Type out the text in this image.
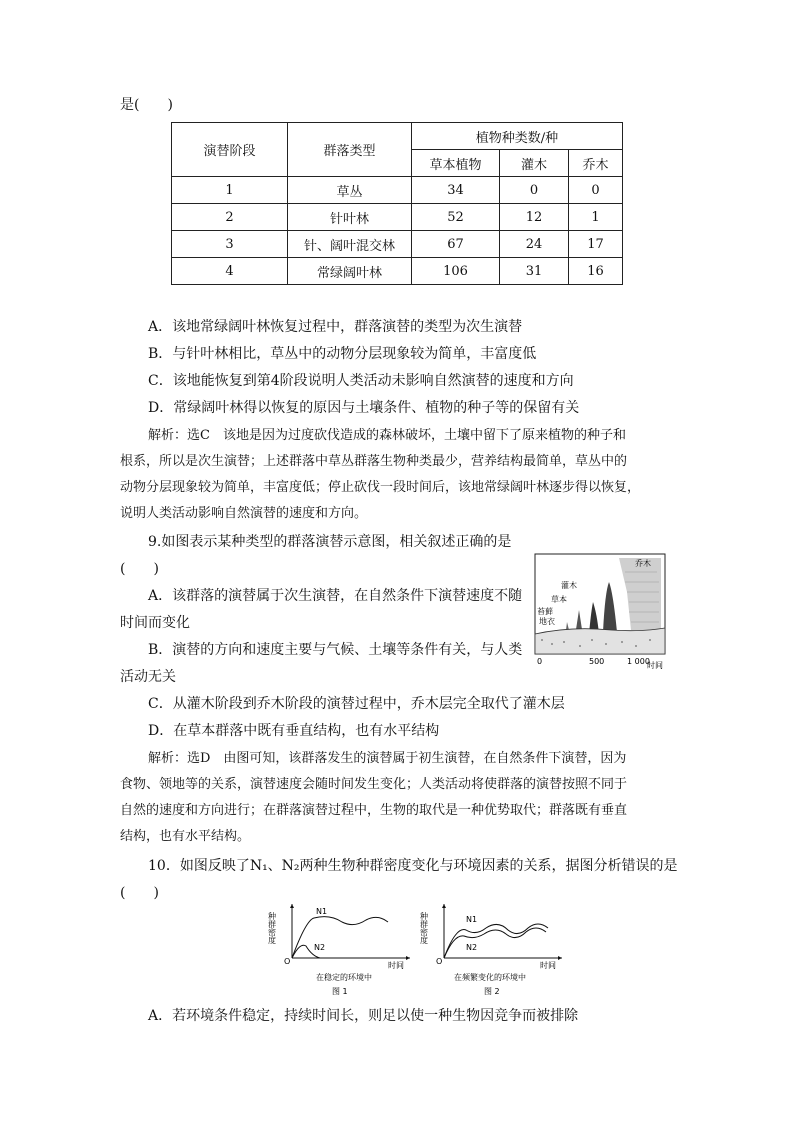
是(　　)
演替阶段	群落类型	植物种类数/种		
		草本植物	灌木	乔木
1	草丛	34	0	0
2	针叶林	52	12	1
3	针、阔叶混交林	67	24	17
4	常绿阔叶林	106	31	16
A．该地常绿阔叶林恢复过程中，群落演替的类型为次生演替
B．与针叶林相比，草丛中的动物分层现象较为简单，丰富度低
C．该地能恢复到第4阶段说明人类活动未影响自然演替的速度和方向
D．常绿阔叶林得以恢复的原因与土壤条件、植物的种子等的保留有关
解析：选C　该地是因为过度砍伐造成的森林破坏，土壤中留下了原来植物的种子和
根系，所以是次生演替；上述群落中草丛群落生物种类最少，营养结构最简单，草丛中的
动物分层现象较为简单，丰富度低；停止砍伐一段时间后，该地常绿阔叶林逐步得以恢复，
说明人类活动影响自然演替的速度和方向。
9.如图表示某种类型的群落演替示意图，相关叙述正确的是
(　　)
A．该群落的演替属于次生演替，在自然条件下演替速度不随
时间而变化
B．演替的方向和速度主要与气候、土壤等条件有关，与人类
活动无关
C．从灌木阶段到乔木阶段的演替过程中，乔木层完全取代了灌木层
D．在草本群落中既有垂直结构，也有水平结构
乔木
灌木
草本
苔藓
地衣
0	500	1 000
时间
解析：选D　由图可知，该群落发生的演替属于初生演替，在自然条件下演替，因为
食物、领地等的关系，演替速度会随时间发生变化；人类活动将使群落的演替按照不同于
自然的速度和方向进行；在群落演替过程中，生物的取代是一种优势取代；群落既有垂直
结构，也有水平结构。
10．如图反映了N₁、N₂两种生物种群密度变化与环境因素的关系，据图分析错误的是
(　　)
种群密度
N1
N2
O	时间
在稳定的环境中
图 1
种群密度	N1
N2
O	时间
在频繁变化的环境中
图 2
A．若环境条件稳定，持续时间长，则足以使一种生物因竞争而被排除
